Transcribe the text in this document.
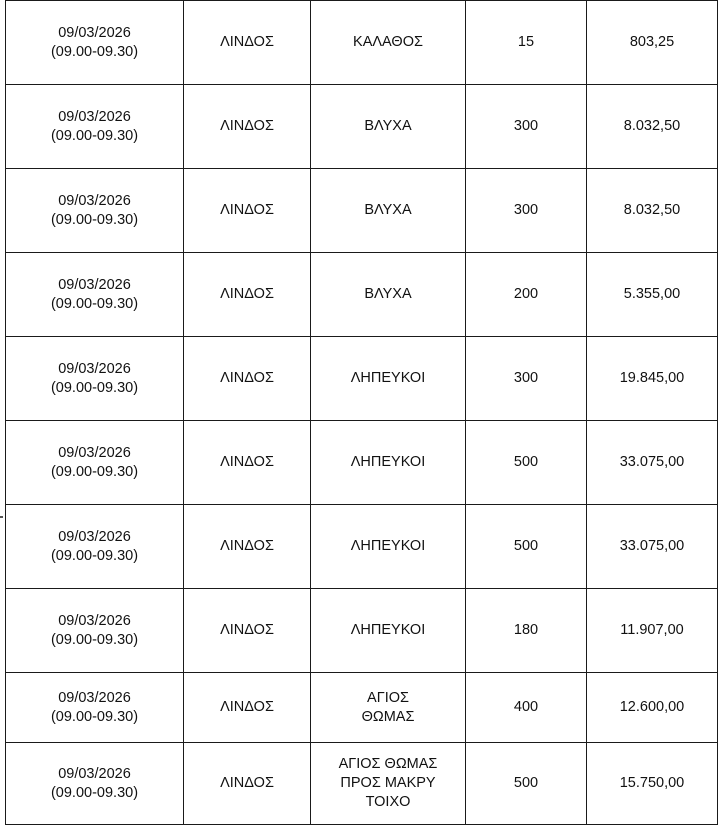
09/03/2026
(09.00-09.30)	ΛΙΝΔΟΣ	ΚΑΛΑΘΟΣ	15	803,25

09/03/2026
(09.00-09.30)	ΛΙΝΔΟΣ	ΒΛΥΧΑ	300	8.032,50

09/03/2026
(09.00-09.30)	ΛΙΝΔΟΣ	ΒΛΥΧΑ	300	8.032,50

09/03/2026
(09.00-09.30)	ΛΙΝΔΟΣ	ΒΛΥΧΑ	200	5.355,00

09/03/2026
(09.00-09.30)	ΛΙΝΔΟΣ	ΛΗΠΕΥΚΟΙ	300	19.845,00

09/03/2026
(09.00-09.30)	ΛΙΝΔΟΣ	ΛΗΠΕΥΚΟΙ	500	33.075,00

09/03/2026
(09.00-09.30)	ΛΙΝΔΟΣ	ΛΗΠΕΥΚΟΙ	500	33.075,00

09/03/2026
(09.00-09.30)	ΛΙΝΔΟΣ	ΛΗΠΕΥΚΟΙ	180	11.907,00

09/03/2026
(09.00-09.30)	ΛΙΝΔΟΣ	ΑΓΙΟΣ
ΘΩΜΑΣ	400	12.600,00

09/03/2026
(09.00-09.30)	ΛΙΝΔΟΣ	ΑΓΙΟΣ ΘΩΜΑΣ
ΠΡΟΣ ΜΑΚΡΥ ΤΟΙΧΟ	500	15.750,00
